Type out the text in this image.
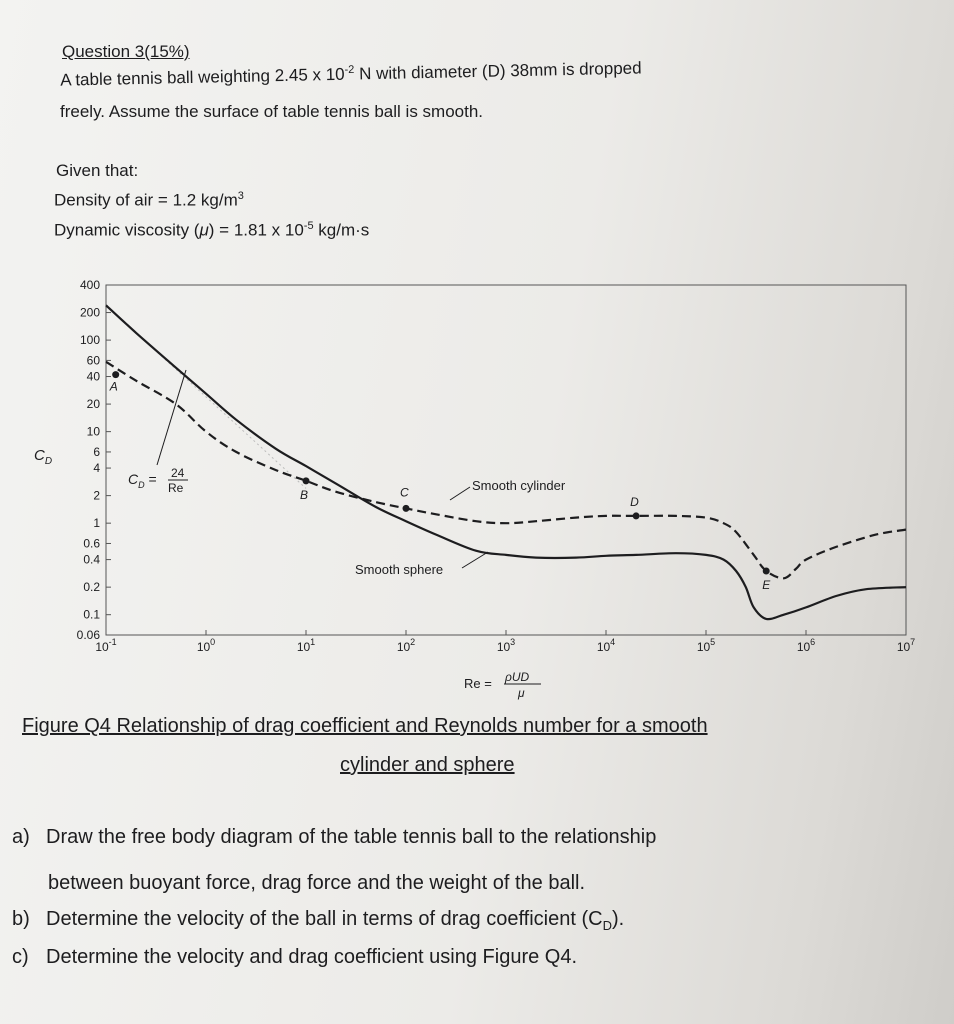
Question 3(15%)

A table tennis ball weighting 2.45 x $10^{-2}$ N with diameter (D) 38mm is dropped

freely. Assume the surface of table tennis ball is smooth.

Given that:

Density of air = 1.2 $kg/m^3$

Dynamic viscosity (μ) = 1.81 x $10^{-5}$ kg/m·s

400
200
100
60
40
20
10
6
4
2
1
0.6
0.4
0.2
0.1
0.06
$10^{-1}$	$10^0$	$10^1$	$10^2$	$10^3$	$10^4$	$10^5$	$10^6$	$10^7$
A
B	C
D
E
$C_D$
Re = ρUD
μ
$C_D = 24$
Re	Smooth cylinder
Smooth sphere

Figure Q4 Relationship of drag coefficient and Reynolds number for a smooth

cylinder and sphere

a) Draw the free body diagram of the table tennis ball to the relationship

between buoyant force, drag force and the weight of the ball.

b) Determine the velocity of the ball in terms of drag coefficient $(C_D)$.

c) Determine the velocity and drag coefficient using Figure Q4.
